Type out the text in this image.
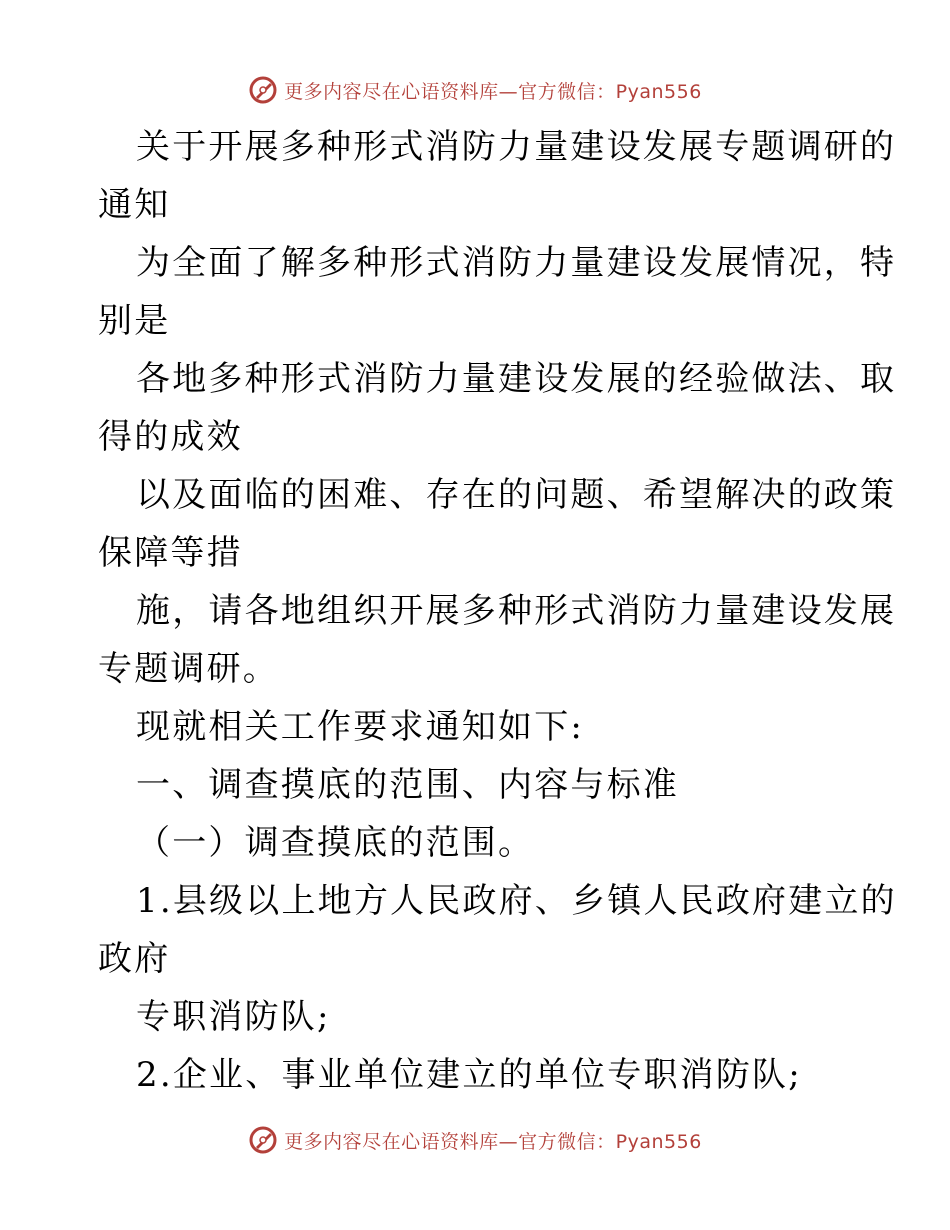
更多内容尽在心语资料库—官方微信：Pyan556
关于开展多种形式消防力量建设发展专题调研的
通知
为全面了解多种形式消防力量建设发展情况，特
别是
各地多种形式消防力量建设发展的经验做法、取
得的成效
以及面临的困难、存在的问题、希望解决的政策
保障等措
施，请各地组织开展多种形式消防力量建设发展
专题调研。
现就相关工作要求通知如下:
一、调查摸底的范围、内容与标准
（一）调查摸底的范围。
1.县级以上地方人民政府、乡镇人民政府建立的
政府
专职消防队;
2.企业、事业单位建立的单位专职消防队;
更多内容尽在心语资料库—官方微信：Pyan556
